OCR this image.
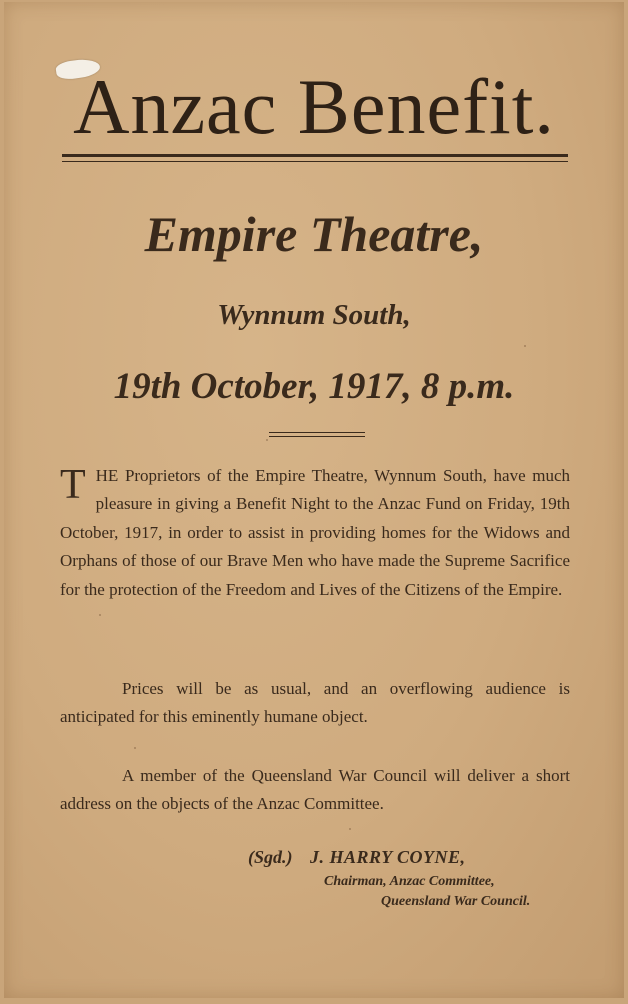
Anzac Benefit.
Empire Theatre,
Wynnum South,
19th October, 1917, 8 p.m.

THE Proprietors of the Empire Theatre, Wynnum South, have much pleasure in giving a Benefit Night to the Anzac Fund on Friday, 19th October, 1917, in order to assist in providing homes for the Widows and Orphans of those of our Brave Men who have made the Supreme Sacrifice for the protection of the Freedom and Lives of the Citizens of the Empire.

Prices will be as usual, and an overflowing audience is anticipated for this eminently humane object.

A member of the Queensland War Council will deliver a short address on the objects of the Anzac Committee.

(Sgd.) J. HARRY COYNE,
Chairman, Anzac Committee,
Queensland War Council.
